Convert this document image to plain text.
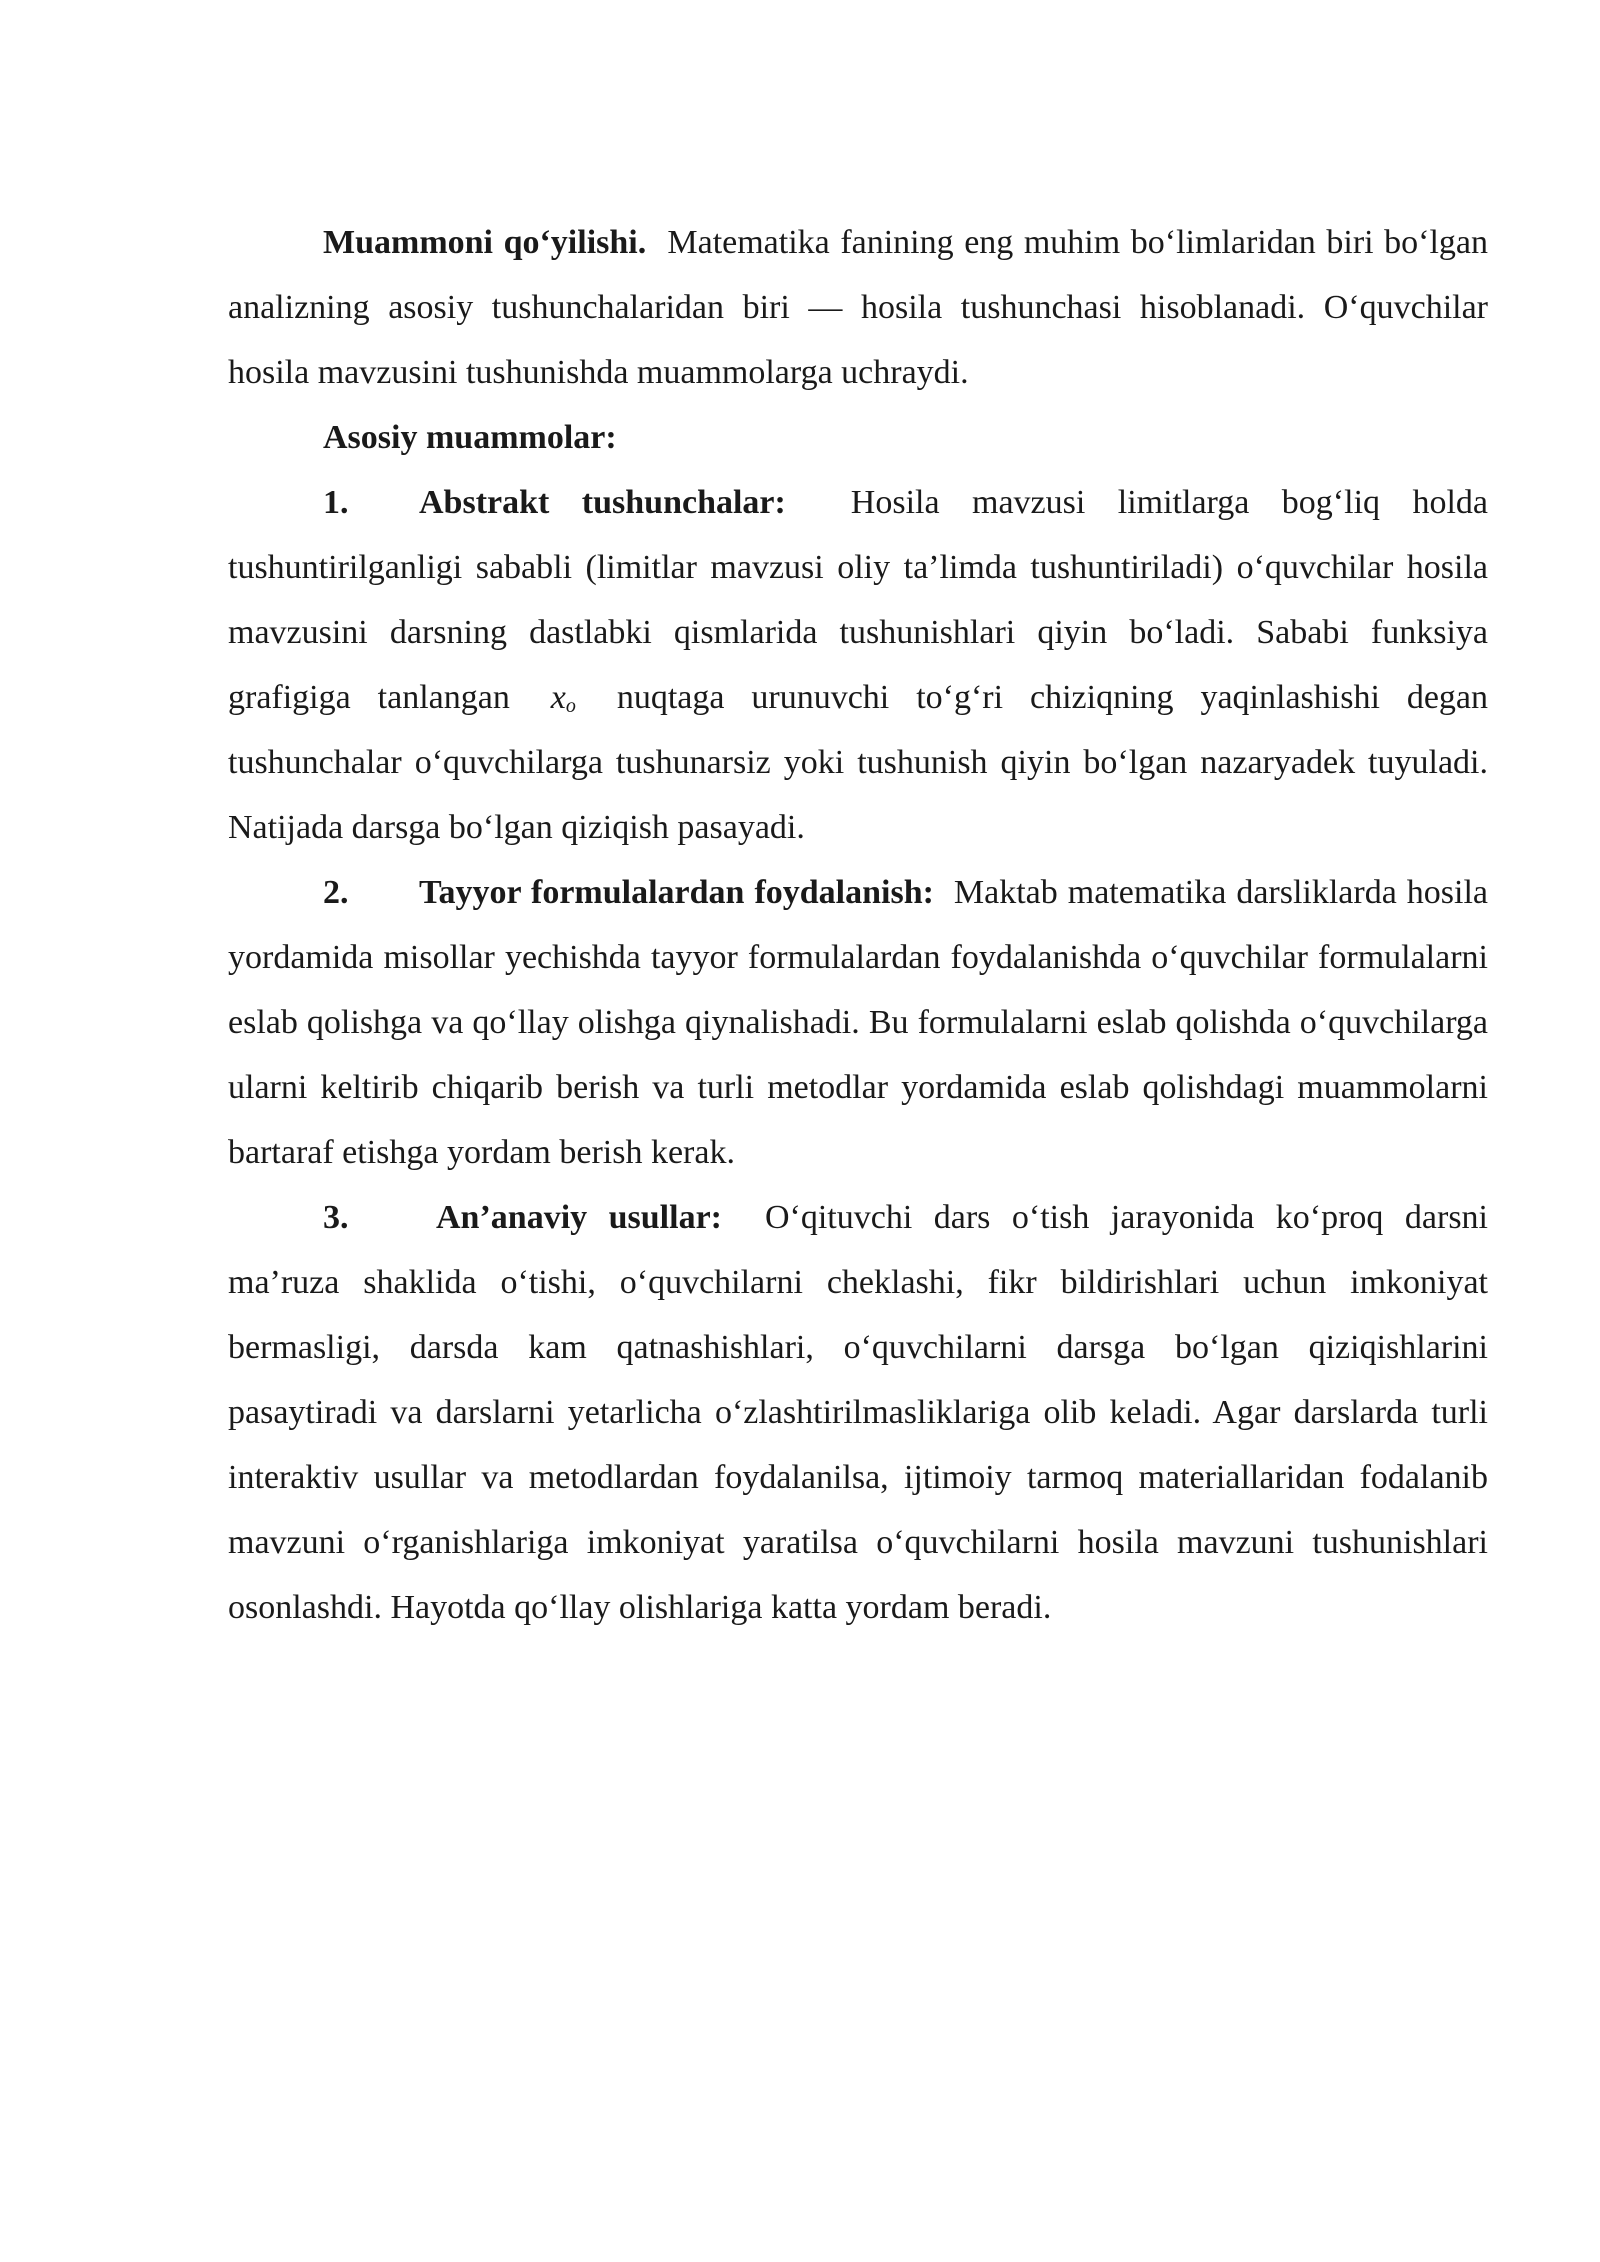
Muammoni qo‘yilishi. Matematika fanining eng muhim bo‘limlaridan biri bo‘lgan analizning asosiy tushunchalaridan biri — hosila tushunchasi hisoblanadi. O‘quvchilar hosila mavzusini tushunishda muammolarga uchraydi.

Asosiy muammolar:

1. Abstrakt tushunchalar: Hosila mavzusi limitlarga bog‘liq holda tushuntirilganligi sababli (limitlar mavzusi oliy ta’limda tushuntiriladi) o‘quvchilar hosila mavzusini darsning dastlabki qismlarida tushunishlari qiyin bo‘ladi. Sababi funksiya grafigiga tanlangan $x_o$ nuqtaga urunuvchi to‘g‘ri chiziqning yaqinlashishi degan tushunchalar o‘quvchilarga tushunarsiz yoki tushunish qiyin bo‘lgan nazaryadek tuyuladi. Natijada darsga bo‘lgan qiziqish pasayadi.

2. Tayyor formulalardan foydalanish: Maktab matematika darsliklarda hosila yordamida misollar yechishda tayyor formulalardan foydalanishda o‘quvchilar formulalarni eslab qolishga va qo‘llay olishga qiynalishadi. Bu formulalarni eslab qolishda o‘quvchilarga ularni keltirib chiqarib berish va turli metodlar yordamida eslab qolishdagi muammolarni bartaraf etishga yordam berish kerak.

3.	An’anaviy usullar: O‘qituvchi dars o‘tish jarayonida ko‘proq darsni ma’ruza shaklida o‘tishi, o‘quvchilarni cheklashi, fikr bildirishlari uchun imkoniyat bermasligi, darsda kam qatnashishlari, o‘quvchilarni darsga bo‘lgan qiziqishlarini pasaytiradi va darslarni yetarlicha o‘zlashtirilmasliklariga olib keladi. Agar darslarda turli interaktiv usullar va metodlardan foydalanilsa, ijtimoiy tarmoq materiallaridan fodalanib mavzuni o‘rganishlariga imkoniyat yaratilsa o‘quvchilarni hosila mavzuni tushunishlari osonlashdi. Hayotda qo‘llay olishlariga katta yordam beradi.
